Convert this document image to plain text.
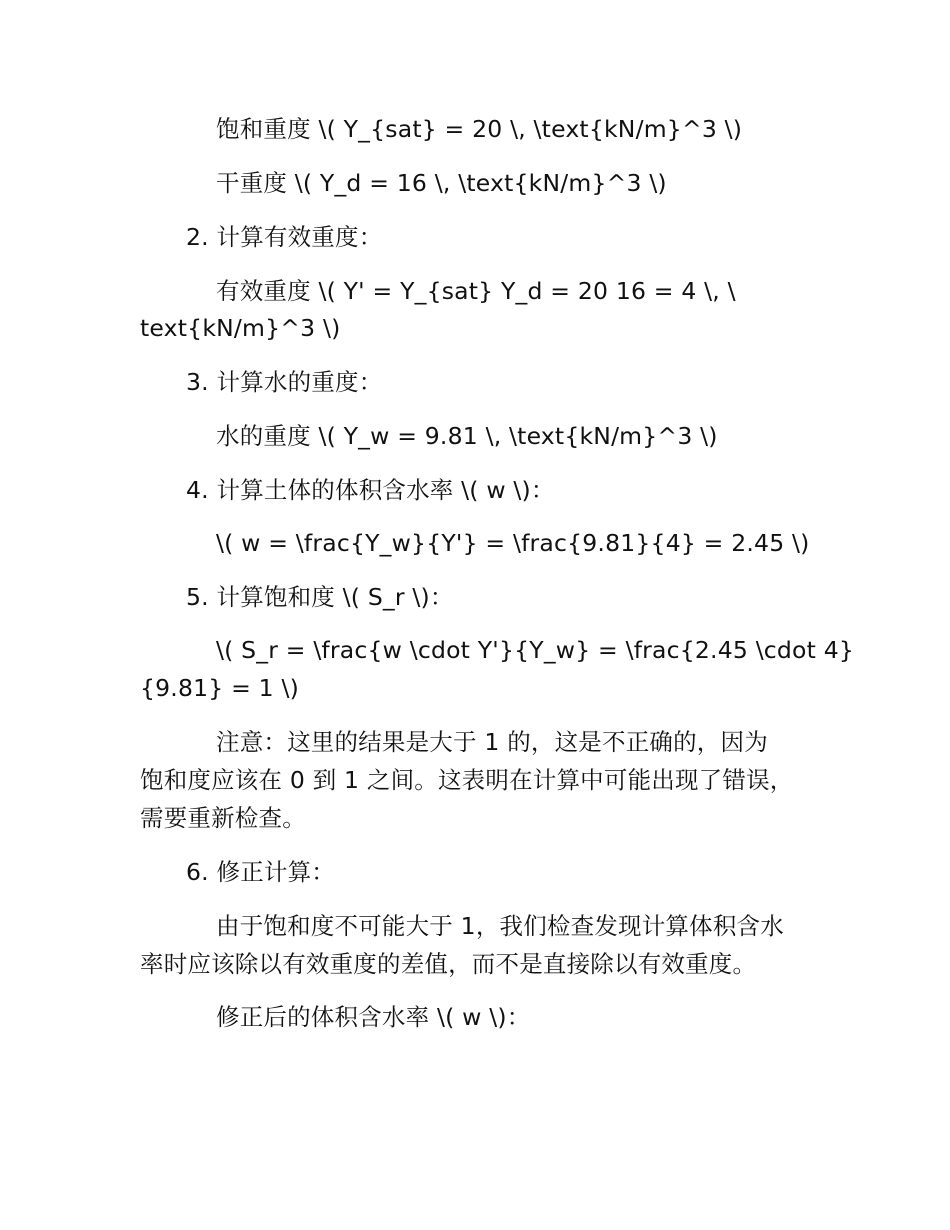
饱和重度 \( Y_{sat} = 20 \, \text{kN/m}^3 \)
干重度 \( Y_d = 16 \, \text{kN/m}^3 \)
2. 计算有效重度：
有效重度 \( Y' = Y_{sat} Y_d = 20 16 = 4 \, \
text{kN/m}^3 \)
3. 计算水的重度：
水的重度 \( Y_w = 9.81 \, \text{kN/m}^3 \)
4. 计算土体的体积含水率 \( w \)：
\( w = \frac{Y_w}{Y'} = \frac{9.81}{4} = 2.45 \)
5. 计算饱和度 \( S_r \)：
\( S_r = \frac{w \cdot Y'}{Y_w} = \frac{2.45 \cdot 4}
{9.81} = 1 \)
注意：这里的结果是大于 1 的，这是不正确的，因为
饱和度应该在 0 到 1 之间。这表明在计算中可能出现了错误，
需要重新检查。
6. 修正计算：
由于饱和度不可能大于 1，我们检查发现计算体积含水
率时应该除以有效重度的差值，而不是直接除以有效重度。
修正后的体积含水率 \( w \)：
